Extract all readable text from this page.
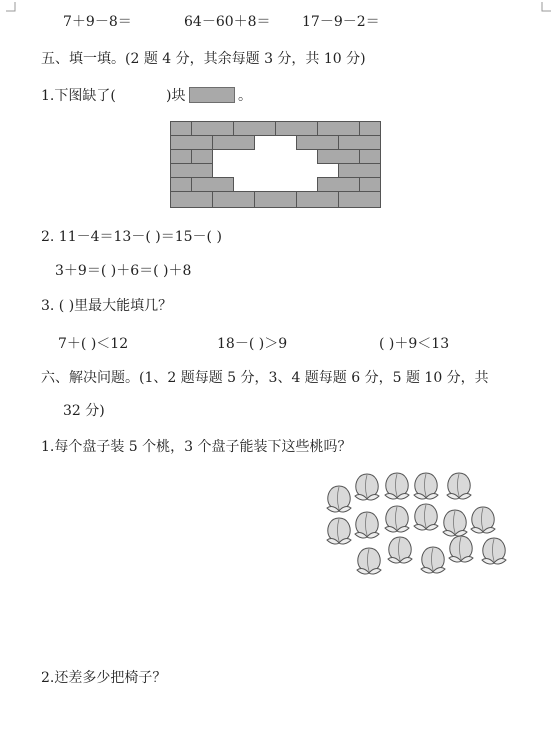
7＋9－8＝	64－60＋8＝ 17－9－2＝
五、填一填。(2 题 4 分，其余每题 3 分，共 10 分)
1.下图缺了(	)块	。
2. 11－4＝13－( )＝15－( )
3＋9＝( )＋6＝( )＋8
3. ( )里最大能填几？
7＋( )＜12	18－( )＞9	( )＋9＜13
六、解决问题。(1、2 题每题 5 分，3、4 题每题 6 分，5 题 10 分，共
32 分)
1.每个盘子装 5 个桃，3 个盘子能装下这些桃吗？
2.还差多少把椅子？
